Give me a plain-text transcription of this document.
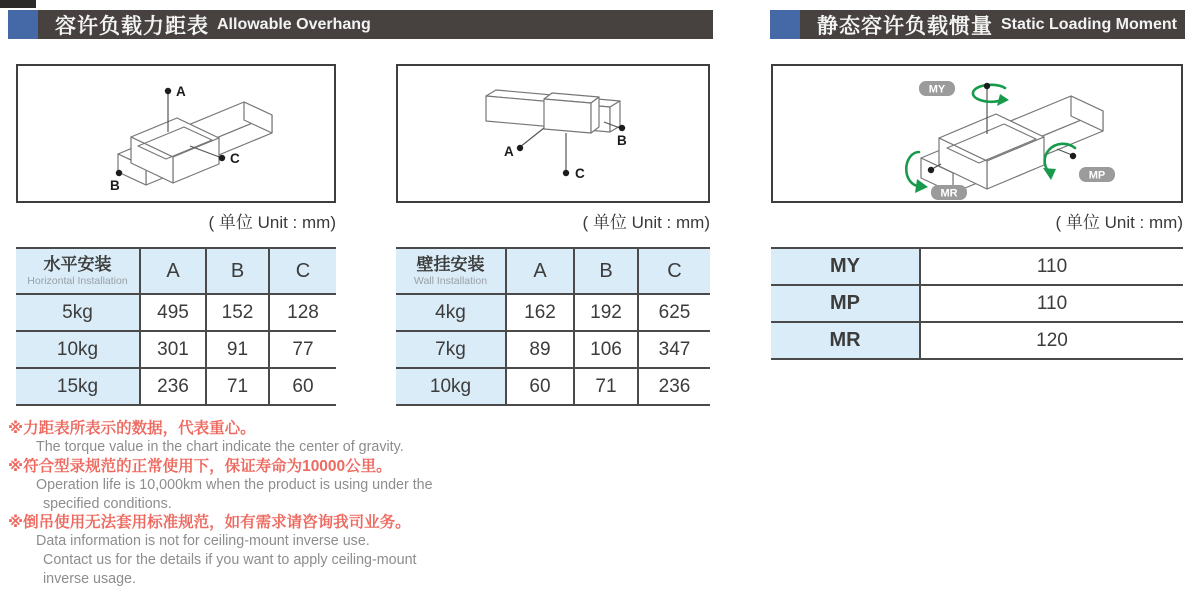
容许负载力距表 Allowable Overhang	静态容许负载惯量 Static Loading Moment
A
C
B
A
B
C
MY
MP
MR
( 单位 Unit : mm)	( 单位 Unit : mm)	( 单位 Unit : mm)
水平安装
Horizontal Installation	A	B	C
5kg	495	152	128
10kg	301	91	77
15kg	236	71	60
壁挂安装
Wall Installation	A	B	C
4kg	162	192	625
7kg	89	106	347
10kg	60	71	236
MY	110
MP	110
MR	120
※力距表所表示的数据，代表重心。
The torque value in the chart indicate the center of gravity.
※符合型录规范的正常使用下，保证寿命为10000公里。
Operation life is 10,000km when the product is using under the
specified conditions.
※倒吊使用无法套用标准规范，如有需求请咨询我司业务。
Data information is not for ceiling-mount inverse use.
Contact us for the details if you want to apply ceiling-mount
inverse usage.
